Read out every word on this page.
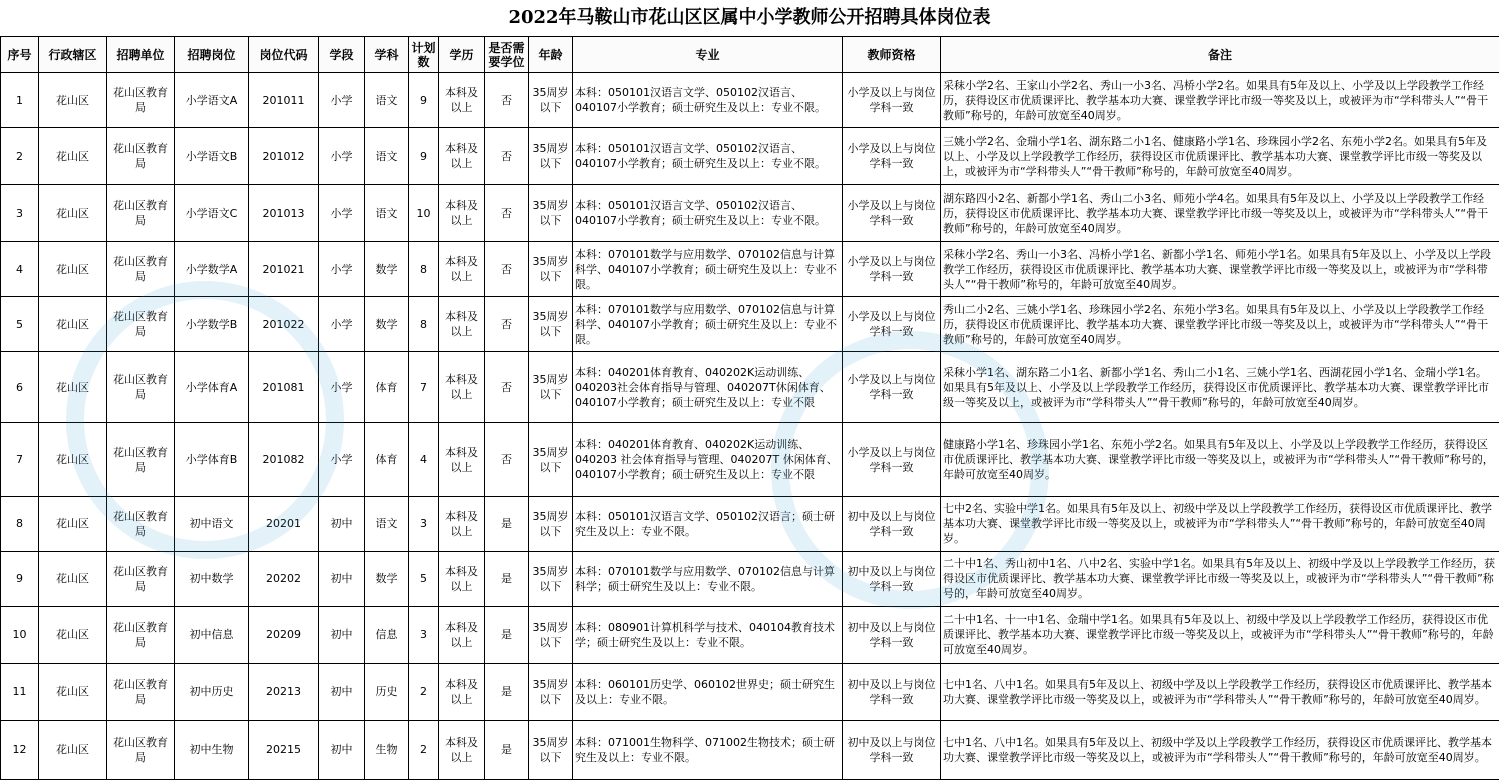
2022年马鞍山市花山区区属中小学教师公开招聘具体岗位表
序号	行政辖区	招聘单位	招聘岗位	岗位代码	学段	学科	计划数	学历	是否需要学位	年龄	专业	教师资格	备注
1	花山区	花山区教育局	小学语文A	201011	小学	语文	9	本科及以上	否	35周岁以下	本科：050101汉语言文学、050102汉语言、040107小学教育；硕士研究生及以上：专业不限。	小学及以上与岗位学科一致	采秣小学2名、王家山小学2名、秀山一小3名、冯桥小学2名。如果具有5年及以上、小学及以上学段教学工作经历，获得设区市优质课评比、教学基本功大赛、课堂教学评比市级一等奖及以上，或被评为市“学科带头人”“骨干教师”称号的，年龄可放宽至40周岁。
2	花山区	花山区教育局	小学语文B	201012	小学	语文	9	本科及以上	否	35周岁以下	本科：050101汉语言文学、050102汉语言、040107小学教育；硕士研究生及以上：专业不限。	小学及以上与岗位学科一致	三姚小学2名、金瑞小学1名、湖东路二小1名、健康路小学1名、珍珠园小学2名、东苑小学2名。如果具有5年及以上、小学及以上学段教学工作经历，获得设区市优质课评比、教学基本功大赛、课堂教学评比市级一等奖及以上，或被评为市“学科带头人”“骨干教师”称号的，年龄可放宽至40周岁。
3	花山区	花山区教育局	小学语文C	201013	小学	语文	10	本科及以上	否	35周岁以下	本科：050101汉语言文学、050102汉语言、040107小学教育；硕士研究生及以上：专业不限。	小学及以上与岗位学科一致	湖东路四小2名、新都小学1名、秀山二小3名、师苑小学4名。如果具有5年及以上、小学及以上学段教学工作经历，获得设区市优质课评比、教学基本功大赛、课堂教学评比市级一等奖及以上，或被评为市“学科带头人”“骨干教师”称号的，年龄可放宽至40周岁。
4	花山区	花山区教育局	小学数学A	201021	小学	数学	8	本科及以上	否	35周岁以下	本科：070101数学与应用数学、070102信息与计算科学、040107小学教育；硕士研究生及以上：专业不限。	小学及以上与岗位学科一致	采秣小学2名、秀山一小3名、冯桥小学1名、新都小学1名、师苑小学1名。如果具有5年及以上、小学及以上学段教学工作经历，获得设区市优质课评比、教学基本功大赛、课堂教学评比市级一等奖及以上，或被评为市“学科带头人”“骨干教师”称号的，年龄可放宽至40周岁。
5	花山区	花山区教育局	小学数学B	201022	小学	数学	8	本科及以上	否	35周岁以下	本科：070101数学与应用数学、070102信息与计算科学、040107小学教育；硕士研究生及以上：专业不限。	小学及以上与岗位学科一致	秀山二小2名、三姚小学1名、珍珠园小学2名、东苑小学3名。如果具有5年及以上、小学及以上学段教学工作经历，获得设区市优质课评比、教学基本功大赛、课堂教学评比市级一等奖及以上，或被评为市“学科带头人”“骨干教师”称号的，年龄可放宽至40周岁。
6	花山区	花山区教育局	小学体育A	201081	小学	体育	7	本科及以上	否	35周岁以下	本科：040201体育教育、040202K运动训练、040203社会体育指导与管理、040207T休闲体育、040107小学教育；硕士研究生及以上：专业不限	小学及以上与岗位学科一致	采秣小学1名、湖东路二小1名、新都小学1名、秀山二小1名、三姚小学1名、西湖花园小学1名、金瑞小学1名。如果具有5年及以上、小学及以上学段教学工作经历，获得设区市优质课评比、教学基本功大赛、课堂教学评比市级一等奖及以上，或被评为市“学科带头人”“骨干教师”称号的，年龄可放宽至40周岁。
7	花山区	花山区教育局	小学体育B	201082	小学	体育	4	本科及以上	否	35周岁以下	本科：040201体育教育、040202K运动训练、040203 社会体育指导与管理、040207T 休闲体育、040107小学教育；硕士研究生及以上：专业不限	小学及以上与岗位学科一致	健康路小学1名、珍珠园小学1名、东苑小学2名。如果具有5年及以上、小学及以上学段教学工作经历，获得设区市优质课评比、教学基本功大赛、课堂教学评比市级一等奖及以上，或被评为市“学科带头人”“骨干教师”称号的，年龄可放宽至40周岁。
8	花山区	花山区教育局	初中语文	20201	初中	语文	3	本科及以上	是	35周岁以下	本科：050101汉语言文学、050102汉语言；硕士研究生及以上：专业不限。	初中及以上与岗位学科一致	七中2名、实验中学1名。如果具有5年及以上、初级中学及以上学段教学工作经历，获得设区市优质课评比、教学基本功大赛、课堂教学评比市级一等奖及以上，或被评为市“学科带头人”“骨干教师”称号的，年龄可放宽至40周岁。
9	花山区	花山区教育局	初中数学	20202	初中	数学	5	本科及以上	是	35周岁以下	本科：070101数学与应用数学、070102信息与计算科学；硕士研究生及以上：专业不限。	初中及以上与岗位学科一致	二十中1名、秀山初中1名、八中2名、实验中学1名。如果具有5年及以上、初级中学及以上学段教学工作经历，获得设区市优质课评比、教学基本功大赛、课堂教学评比市级一等奖及以上，或被评为市“学科带头人”“骨干教师”称号的，年龄可放宽至40周岁。
10	花山区	花山区教育局	初中信息	20209	初中	信息	3	本科及以上	是	35周岁以下	本科：080901计算机科学与技术、040104教育技术学；硕士研究生及以上：专业不限。	初中及以上与岗位学科一致	二十中1名、十一中1名、金瑞中学1名。如果具有5年及以上、初级中学及以上学段教学工作经历，获得设区市优质课评比、教学基本功大赛、课堂教学评比市级一等奖及以上，或被评为市“学科带头人”“骨干教师”称号的，年龄可放宽至40周岁。
11	花山区	花山区教育局	初中历史	20213	初中	历史	2	本科及以上	是	35周岁以下	本科：060101历史学、060102世界史；硕士研究生及以上：专业不限。	初中及以上与岗位学科一致	七中1名、八中1名。如果具有5年及以上、初级中学及以上学段教学工作经历，获得设区市优质课评比、教学基本功大赛、课堂教学评比市级一等奖及以上，或被评为市“学科带头人”“骨干教师”称号的，年龄可放宽至40周岁。
12	花山区	花山区教育局	初中生物	20215	初中	生物	2	本科及以上	是	35周岁以下	本科：071001生物科学、071002生物技术；硕士研究生及以上：专业不限。	初中及以上与岗位学科一致	七中1名、八中1名。如果具有5年及以上、初级中学及以上学段教学工作经历，获得设区市优质课评比、教学基本功大赛、课堂教学评比市级一等奖及以上，或被评为市“学科带头人”“骨干教师”称号的，年龄可放宽至40周岁。
